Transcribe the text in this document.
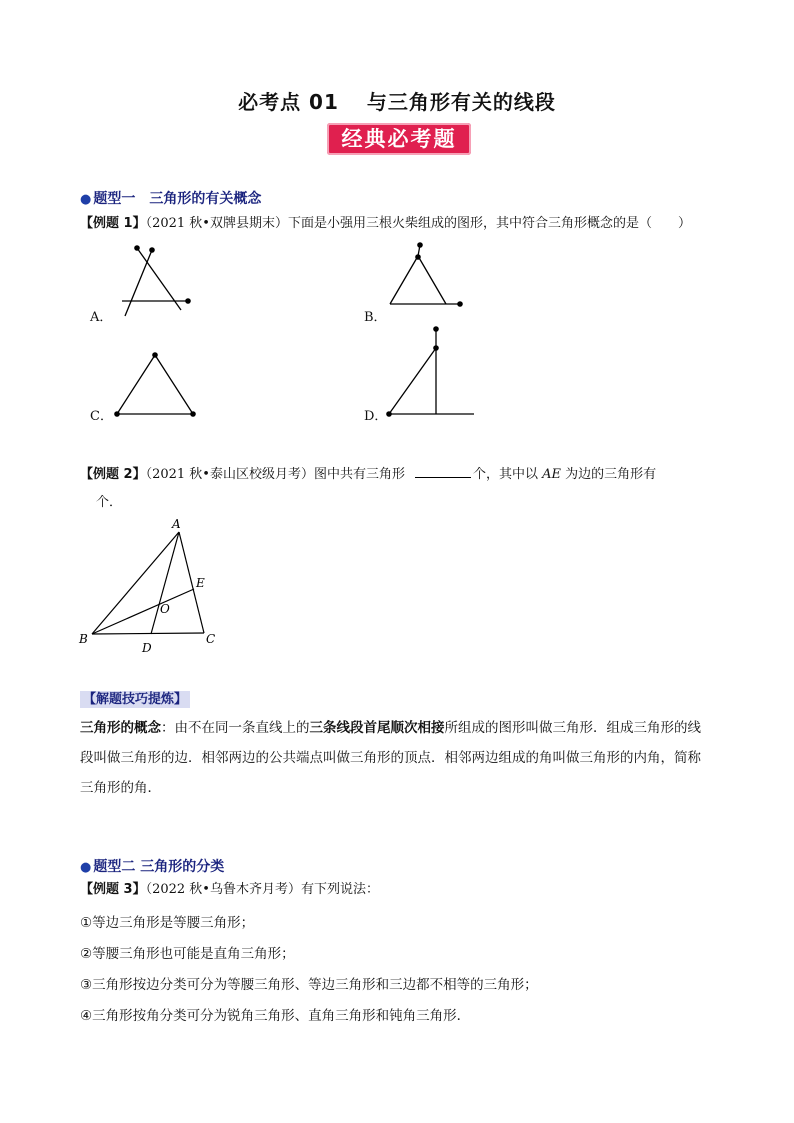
必考点 01 与三角形有关的线段
经典必考题
● 题型一　三角形的有关概念
【例题 1】（2021 秋•双牌县期末）下面是小强用三根火柴组成的图形，其中符合三角形概念的是（　　）
A．	B．
C．	D．
【例题 2】（2021 秋•泰山区校级月考）图中共有三角形	个，其中以 AE 为边的三角形有
个．
A
B	C
D
E
O
【解题技巧提炼】
三角形的概念：由不在同一条直线上的三条线段首尾顺次相接所组成的图形叫做三角形．组成三角形的线
段叫做三角形的边．相邻两边的公共端点叫做三角形的顶点．相邻两边组成的角叫做三角形的内角，简称
三角形的角．
● 题型二 三角形的分类
【例题 3】（2022 秋•乌鲁木齐月考）有下列说法：
①等边三角形是等腰三角形；
②等腰三角形也可能是直角三角形；
③三角形按边分类可分为等腰三角形、等边三角形和三边都不相等的三角形；
④三角形按角分类可分为锐角三角形、直角三角形和钝角三角形．
